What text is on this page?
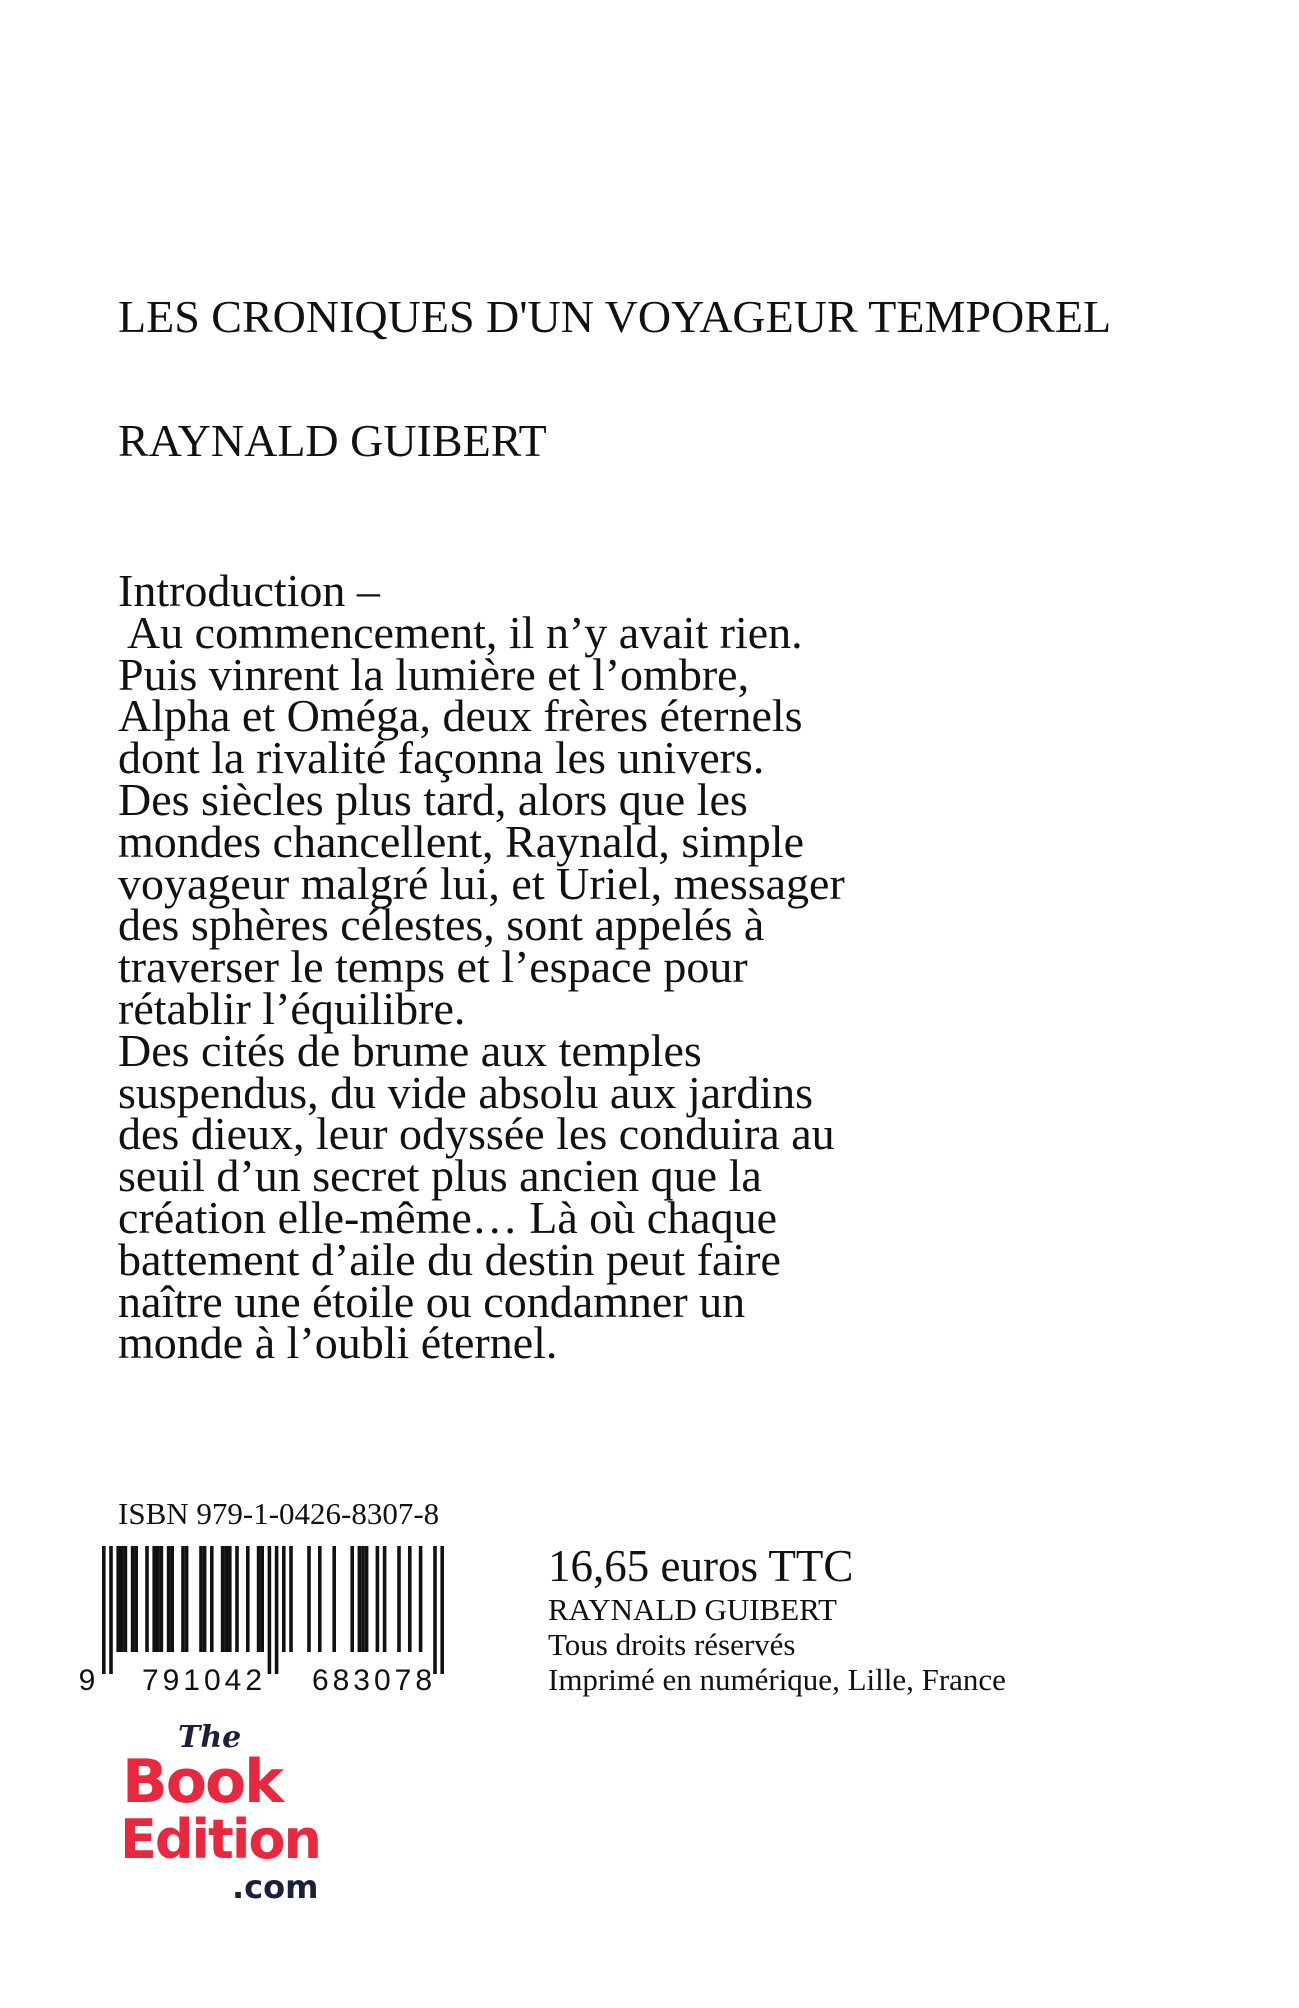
LES CRONIQUES D'UN VOYAGEUR TEMPOREL
RAYNALD GUIBERT
Introduction –
Au commencement, il n’y avait rien.
Puis vinrent la lumière et l’ombre,
Alpha et Oméga, deux frères éternels
dont la rivalité façonna les univers.
Des siècles plus tard, alors que les
mondes chancellent, Raynald, simple
voyageur malgré lui, et Uriel, messager
des sphères célestes, sont appelés à
traverser le temps et l’espace pour
rétablir l’équilibre.
Des cités de brume aux temples
suspendus, du vide absolu aux jardins
des dieux, leur odyssée les conduira au
seuil d’un secret plus ancien que la
création elle-même… Là où chaque
battement d’aile du destin peut faire
naître une étoile ou condamner un
monde à l’oubli éternel.
ISBN 979-1-0426-8307-8
9 791042 683078
16,65 euros TTC
RAYNALD GUIBERT
Tous droits réservés
Imprimé en numérique, Lille, France
The
Book
Edition
.com
